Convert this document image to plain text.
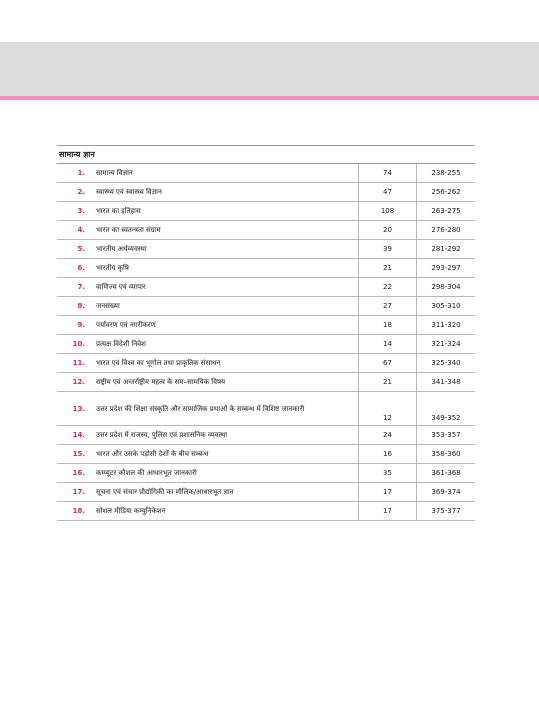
सामान्य ज्ञान
1.	सामान्य विज्ञान	74	238-255
2.	स्वास्थ्य एवं स्वास्थ्य विज्ञान	47	256-262
3.	भारत का इतिहास	108	263-275
4.	भारत का स्वतन्त्रता संग्राम	20	276-280
5.	भारतीय अर्थव्यवस्था	39	281-292
6.	भारतीय कृषि	21	293-297
7.	वाणिज्य एवं व्यापार	22	298-304
8.	जनसंख्या	27	305-310
9.	पर्यावरण एवं नगरीकरण	18	311-320
10.	प्रत्यक्ष विदेशी निवेश	14	321-324
11.	भारत एवं विश्व का भूगोल तथा प्राकृतिक संसाधन	67	325-340
12.	राष्ट्रीय एवं अन्तर्राष्ट्रीय महत्व के सम–सामयिक विषय	21	341-348
13.	उत्तर प्रदेश की शिक्षा संस्कृति और सामाजिक प्रथाओं के सम्बन्ध में विशिष्ट जानकारी	12	349-352
14.	उत्तर प्रदेश में राजस्व, पुलिस एवं प्रशासनिक व्यवस्था	24	353-357
15.	भारत और उसके पड़ोसी देशों के बीच सम्बन्ध	16	358-360
16.	कम्प्यूटर कौशल की आधारभूत जानकारी	35	361-368
17.	सूचना एवं संचार प्रौद्योगिकी का मौलिक/आधारभूत ज्ञान	17	369-374
18.	सोशल मीडिया कम्युनिकेशन	17	375-377
